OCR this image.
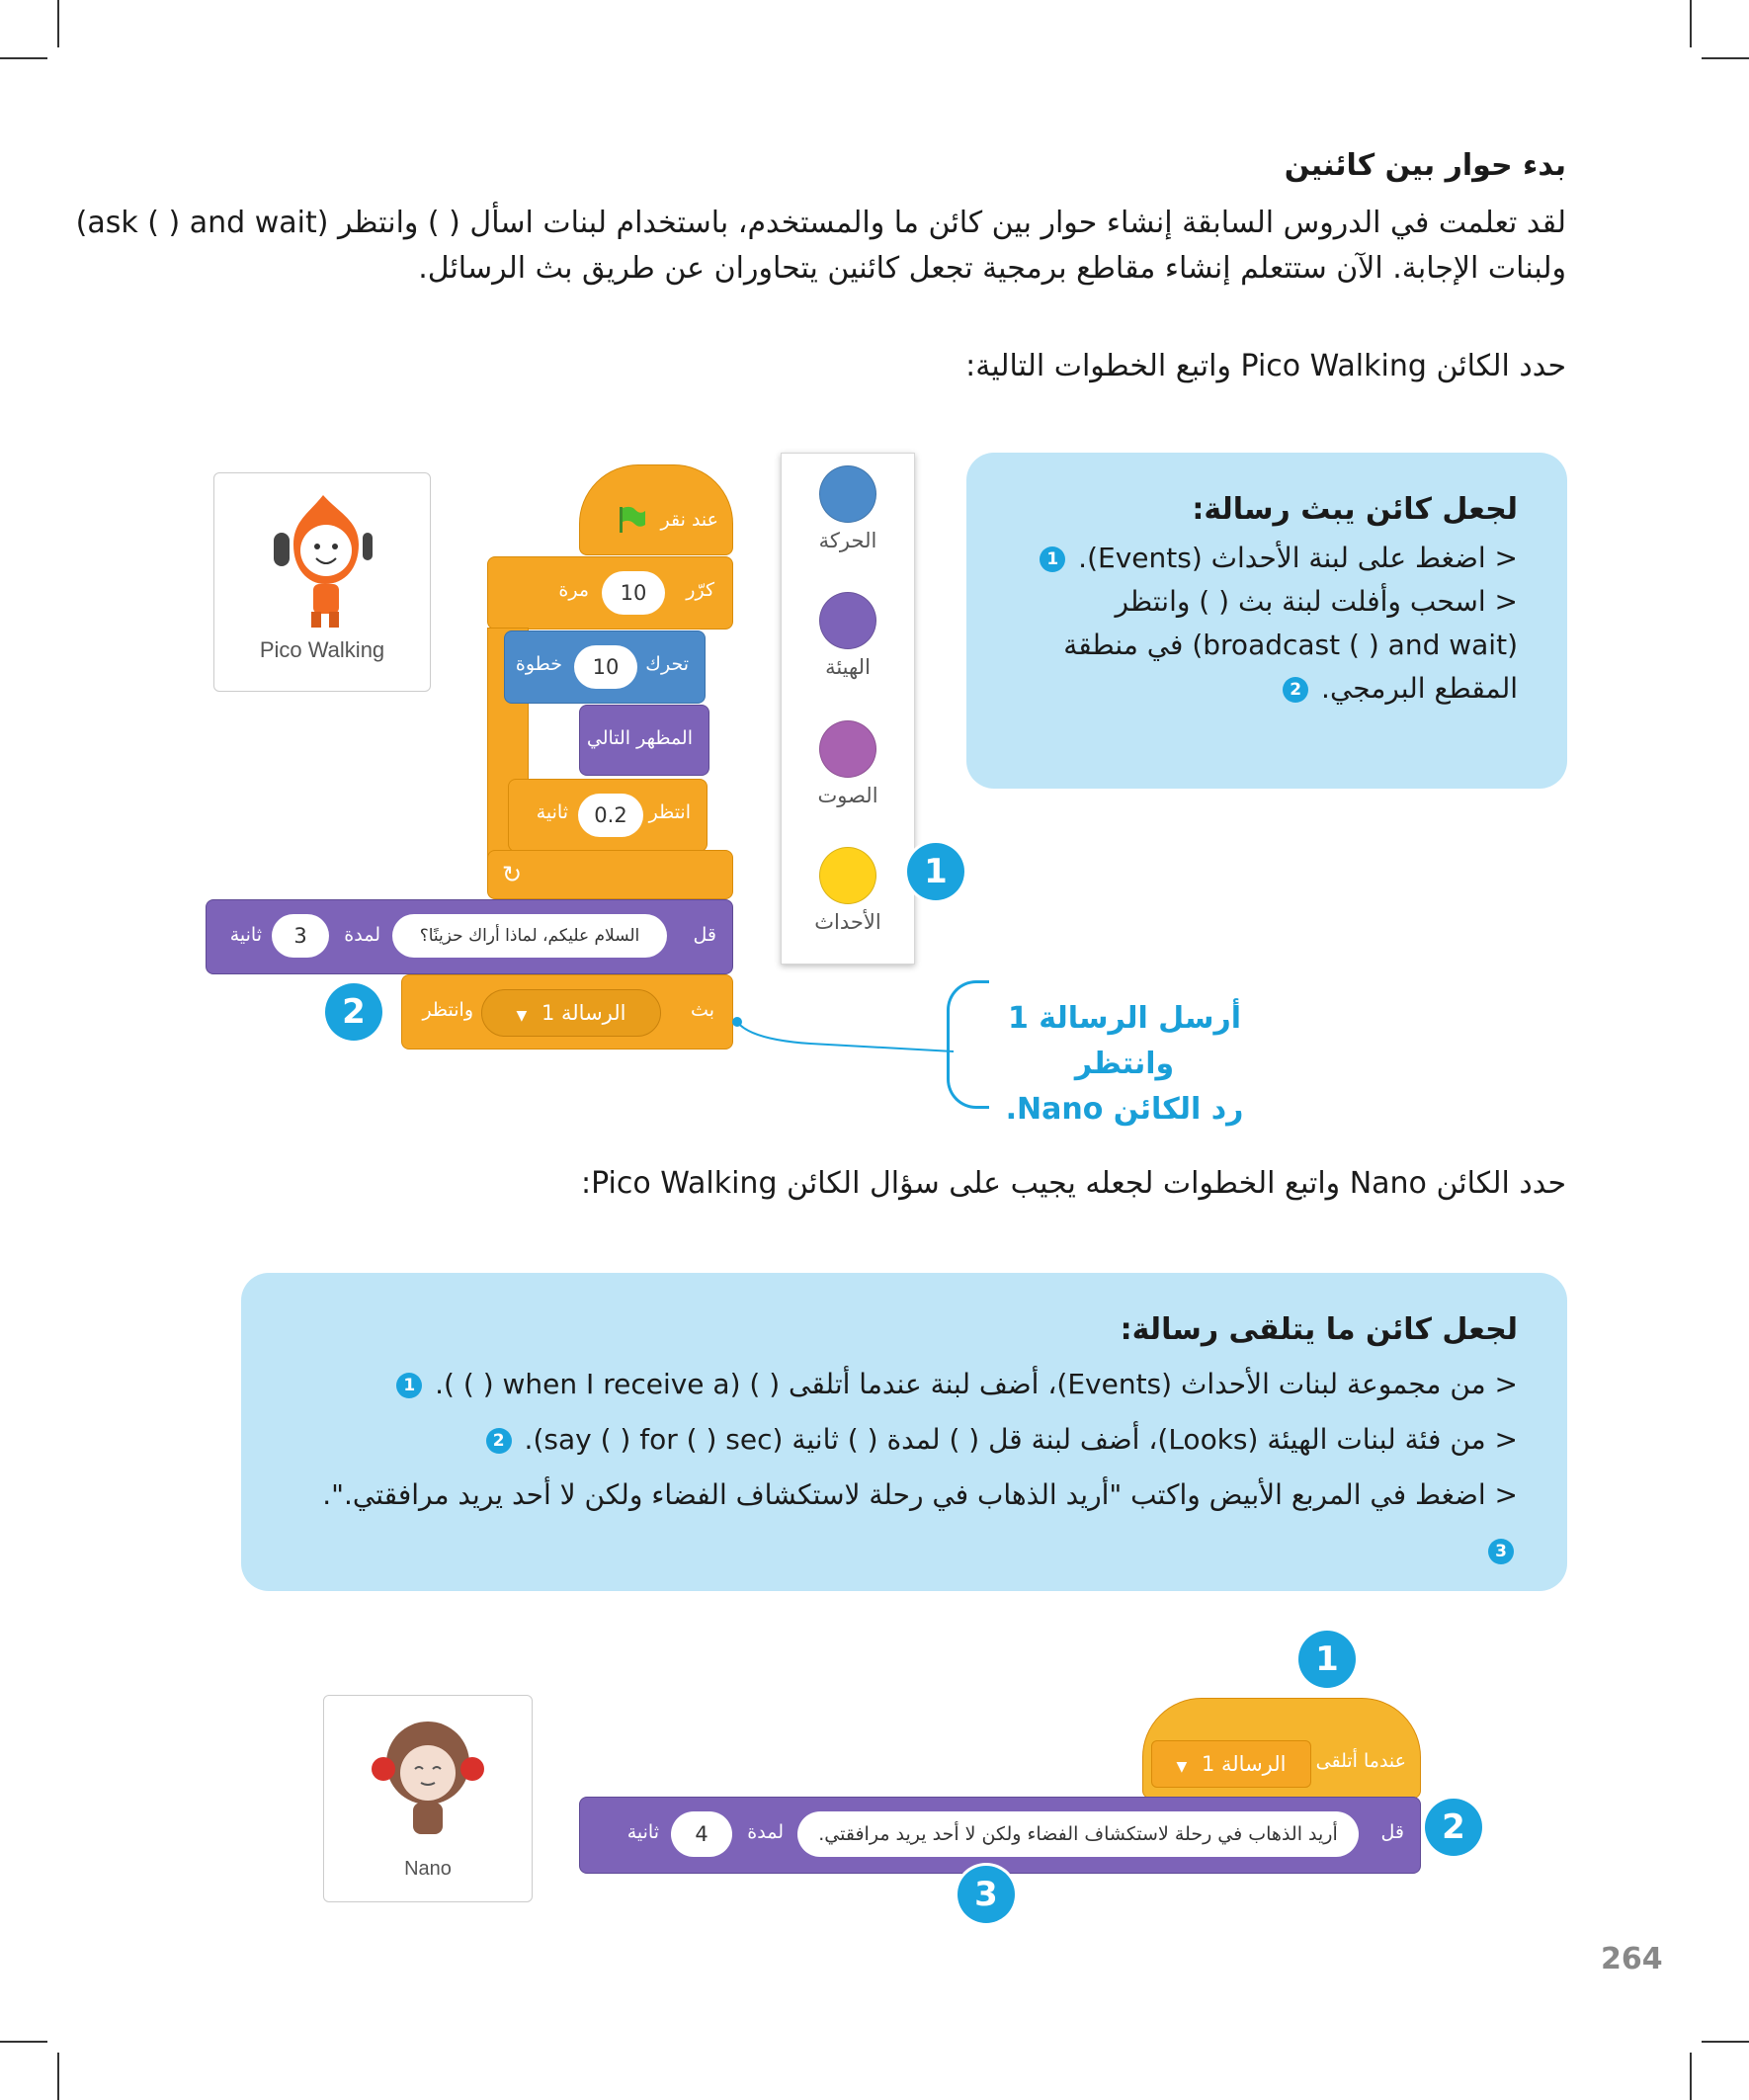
بدء حوار بين كائنين
لقد تعلمت في الدروس السابقة إنشاء حوار بين كائن ما والمستخدم، باستخدام لبنات اسأل ( ) وانتظر (ask ( ) and wait)
ولبنات الإجابة. الآن ستتعلم إنشاء مقاطع برمجية تجعل كائنين يتحاوران عن طريق بث الرسائل.
حدد الكائن Pico Walking واتبع الخطوات التالية:
لجعل كائن يبث رسالة:
< اضغط على لبنة الأحداث (Events). 1
< اسحب وأفلت لبنة بث ( ) وانتظر
(broadcast ( ) and wait) في منطقة
المقطع البرمجي. 2
الحركة
الهيئة
الصوت
الأحداث
1
Pico Walking
عند نقر
كرّر
10
مرة
تحرك
10
خطوة
المظهر التالي
انتظر
0.2
ثانية
↻
قل
السلام عليكم، لماذا أراك حزينًا؟
لمدة
3
ثانية
بث
الرسالة 1 ▼
وانتظر
2	أرسل الرسالة 1 وانتظر
رد الكائن Nano.
حدد الكائن Nano واتبع الخطوات لجعله يجيب على سؤال الكائن Pico Walking:
لجعل كائن ما يتلقى رسالة:
< من مجموعة لبنات الأحداث (Events)، أضف لبنة عندما أتلقى ( ) (when I receive a ( ) ). 1
< من فئة لبنات الهيئة (Looks)، أضف لبنة قل ( ) لمدة ( ) ثانية (say ( ) for ( ) sec). 2
< اضغط في المربع الأبيض واكتب "أريد الذهاب في رحلة لاستكشاف الفضاء ولكن لا أحد يريد مرافقتي.". 3
Nano
عندما أتلقى
الرسالة 1 ▼
1
قل
أريد الذهاب في رحلة لاستكشاف الفضاء ولكن لا أحد يريد مرافقتي.
لمدة
4
ثانية	2
3
264
